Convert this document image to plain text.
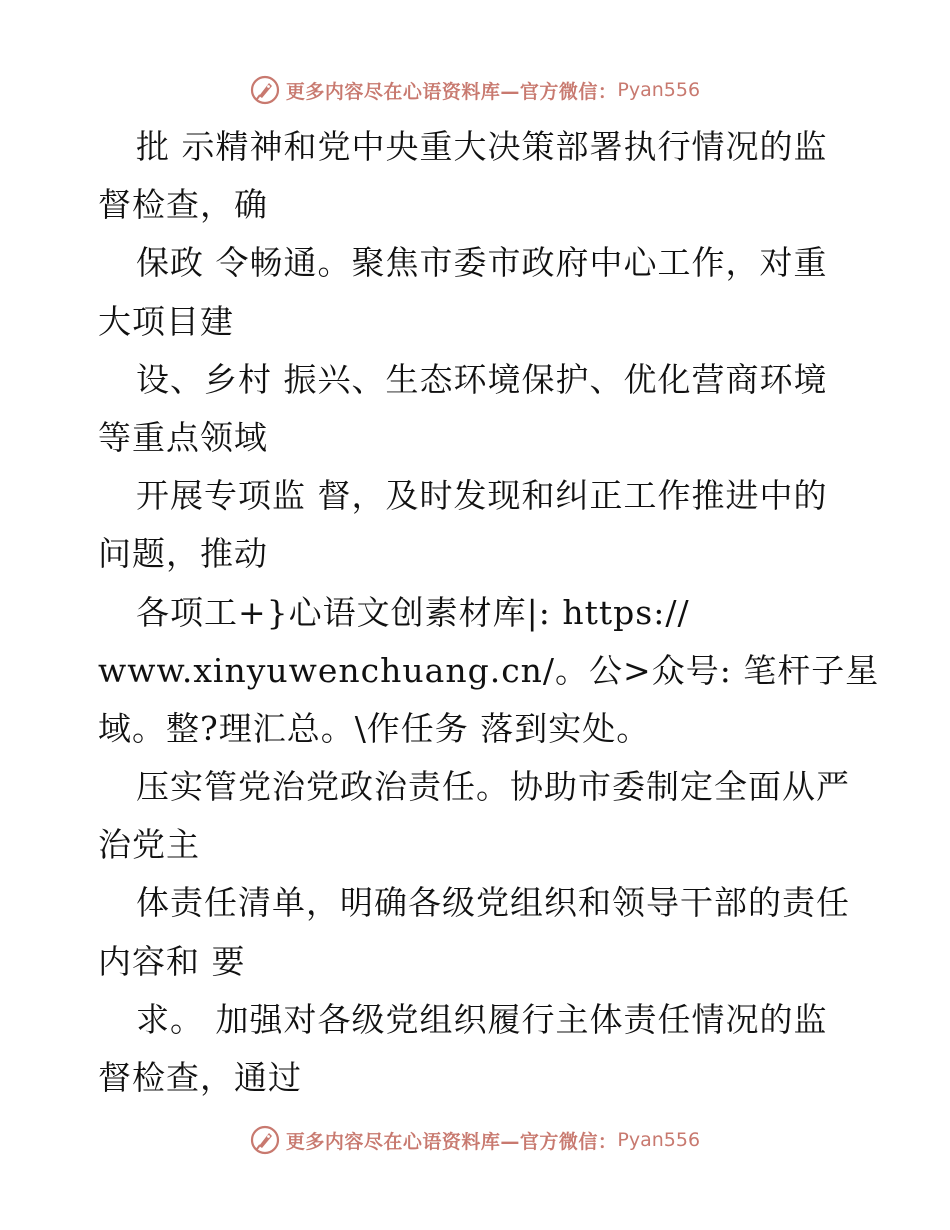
更多内容尽在心语资料库—官方微信： Pyan556
批 示精神和党中央重大决策部署执行情况的监
督检查，确
保政 令畅通。聚焦市委市政府中心工作，对重
大项目建
设、乡村 振兴、生态环境保护、优化营商环境
等重点领域
开展专项监 督，及时发现和纠正工作推进中的
问题，推动
各项工+}心语文创素材库|: https://
www.xinyuwenchuang.cn/。公>众号: 笔杆子星
域。整?理汇总。\作任务 落到实处。
压实管党治党政治责任。协助市委制定全面从严
治党主
体责任清单，明确各级党组织和领导干部的责任
内容和 要
求。 加强对各级党组织履行主体责任情况的监
督检查，通过
更多内容尽在心语资料库—官方微信： Pyan556
